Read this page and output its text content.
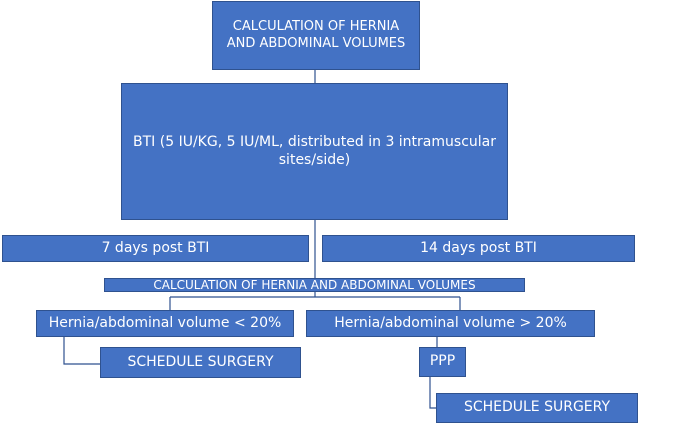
CALCULATION OF HERNIA AND ABDOMINAL VOLUMES
BTI (5 IU/KG, 5 IU/ML, distributed in 3 intramuscular sites/side)
7 days post BTI	14 days post BTI
CALCULATION OF HERNIA AND ABDOMINAL VOLUMES
Hernia/abdominal volume < 20%	Hernia/abdominal volume > 20%
SCHEDULE SURGERY	PPP
SCHEDULE SURGERY
